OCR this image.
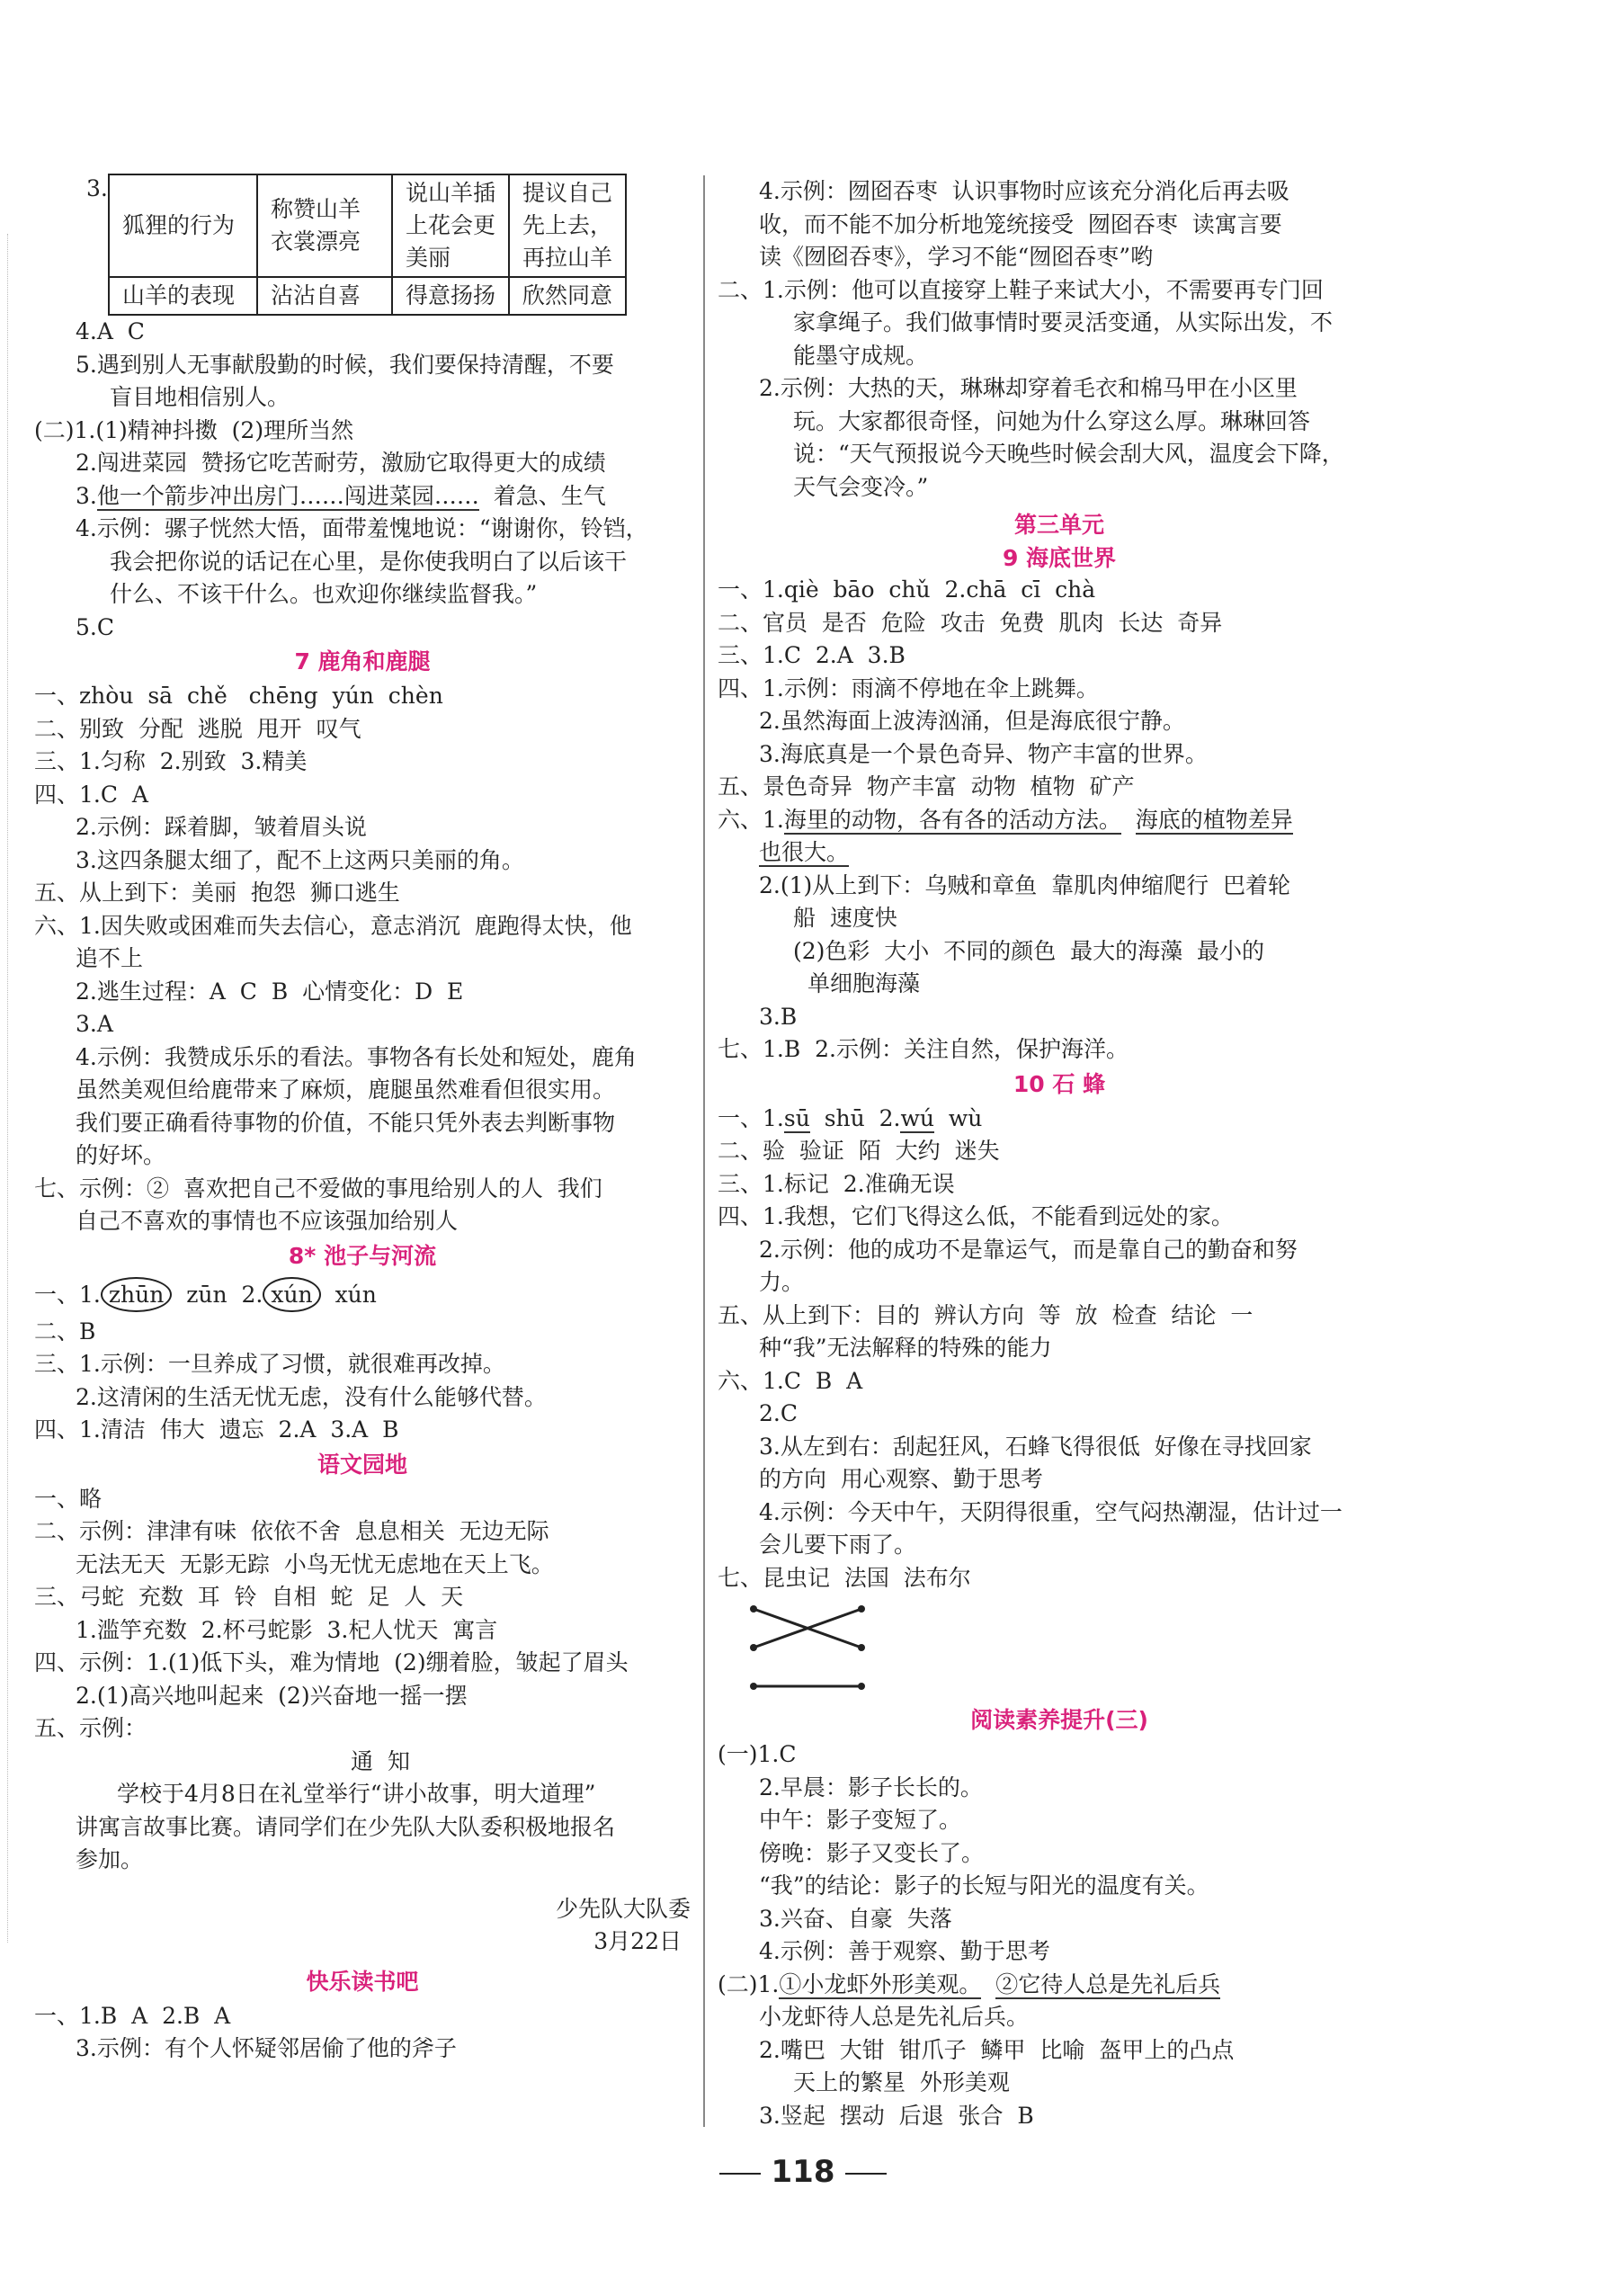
3.
狐狸的行为	称赞山羊衣裳漂亮	说山羊插上花会更美丽	提议自己先上去，再拉山羊
山羊的表现	沾沾自喜	得意扬扬	欣然同意
4.A  C
5.遇到别人无事献殷勤的时候，我们要保持清醒，不要
盲目地相信别人。
(二)1.(1)精神抖擞  (2)理所当然
2.闯进菜园  赞扬它吃苦耐劳，激励它取得更大的成绩
3.他一个箭步冲出房门……闯进菜园……  着急、生气
4.示例：骡子恍然大悟，面带羞愧地说：“谢谢你，铃铛，
我会把你说的话记在心里，是你使我明白了以后该干
什么、不该干什么。也欢迎你继续监督我。”
5.C
7 鹿角和鹿腿
一、zhòu  sā  chě   chēng  yún  chèn
二、别致  分配  逃脱  甩开  叹气
三、1.匀称  2.别致  3.精美
四、1.C  A
2.示例：踩着脚，皱着眉头说
3.这四条腿太细了，配不上这两只美丽的角。
五、从上到下：美丽  抱怨  狮口逃生
六、1.因失败或困难而失去信心，意志消沉  鹿跑得太快，他
追不上
2.逃生过程：A  C  B  心情变化：D  E
3.A
4.示例：我赞成乐乐的看法。事物各有长处和短处，鹿角
虽然美观但给鹿带来了麻烦，鹿腿虽然难看但很实用。
我们要正确看待事物的价值，不能只凭外表去判断事物
的好坏。
七、示例：②  喜欢把自己不爱做的事甩给别人的人  我们
自己不喜欢的事情也不应该强加给别人
8* 池子与河流
一、1. zhūn  zūn  2. xún  xún
二、B
三、1.示例：一旦养成了习惯，就很难再改掉。
2.这清闲的生活无忧无虑，没有什么能够代替。
四、1.清洁  伟大  遗忘  2.A  3.A  B
语文园地
一、略
二、示例：津津有味  依依不舍  息息相关  无边无际
无法无天  无影无踪  小鸟无忧无虑地在天上飞。
三、弓蛇  充数  耳  铃  自相  蛇  足  人  天
1.滥竽充数  2.杯弓蛇影  3.杞人忧天  寓言
四、示例：1.(1)低下头，难为情地  (2)绷着脸，皱起了眉头
2.(1)高兴地叫起来  (2)兴奋地一摇一摆
五、示例：
通  知
学校于4月8日在礼堂举行“讲小故事，明大道理”
讲寓言故事比赛。请同学们在少先队大队委积极地报名
参加。
少先队大队委
3月22日
快乐读书吧
一、1.B  A  2.B  A
3.示例：有个人怀疑邻居偷了他的斧子
4.示例：囫囵吞枣  认识事物时应该充分消化后再去吸
收，而不能不加分析地笼统接受  囫囵吞枣  读寓言要
读《囫囵吞枣》，学习不能“囫囵吞枣”哟
二、1.示例：他可以直接穿上鞋子来试大小，不需要再专门回
家拿绳子。我们做事情时要灵活变通，从实际出发，不
能墨守成规。
2.示例：大热的天，琳琳却穿着毛衣和棉马甲在小区里
玩。大家都很奇怪，问她为什么穿这么厚。琳琳回答
说：“天气预报说今天晚些时候会刮大风，温度会下降，
天气会变冷。”
第三单元
9 海底世界
一、1.qiè  bāo  chǔ  2.chā  cī  chà
二、官员  是否  危险  攻击  免费  肌肉  长达  奇异
三、1.C  2.A  3.B
四、1.示例：雨滴不停地在伞上跳舞。
2.虽然海面上波涛汹涌，但是海底很宁静。
3.海底真是一个景色奇异、物产丰富的世界。
五、景色奇异  物产丰富  动物  植物  矿产
六、1.海里的动物，各有各的活动方法。 海底的植物差异
也很大。
2.(1)从上到下：乌贼和章鱼  靠肌肉伸缩爬行  巴着轮
船  速度快
(2)色彩  大小  不同的颜色  最大的海藻  最小的
单细胞海藻
3.B
七、1.B  2.示例：关注自然，保护海洋。
10 石 蜂
一、1.sū  shū  2.wú  wù
二、验  验证  陌  大约  迷失
三、1.标记  2.准确无误
四、1.我想，它们飞得这么低，不能看到远处的家。
2.示例：他的成功不是靠运气，而是靠自己的勤奋和努
力。
五、从上到下：目的  辨认方向  等  放  检查  结论  一
种“我”无法解释的特殊的能力
六、1.C  B  A
2.C
3.从左到右：刮起狂风，石蜂飞得很低  好像在寻找回家
的方向  用心观察、勤于思考
4.示例：今天中午，天阴得很重，空气闷热潮湿，估计过一
会儿要下雨了。
七、昆虫记  法国  法布尔
阅读素养提升(三)
(一)1.C
2.早晨：影子长长的。
中午：影子变短了。
傍晚：影子又变长了。
“我”的结论：影子的长短与阳光的温度有关。
3.兴奋、自豪  失落
4.示例：善于观察、勤于思考
(二)1.①小龙虾外形美观。 ②它待人总是先礼后兵
小龙虾待人总是先礼后兵。
2.嘴巴  大钳  钳爪子  鳞甲  比喻  盔甲上的凸点
天上的繁星  外形美观
3.竖起  摆动  后退  张合  B
118
